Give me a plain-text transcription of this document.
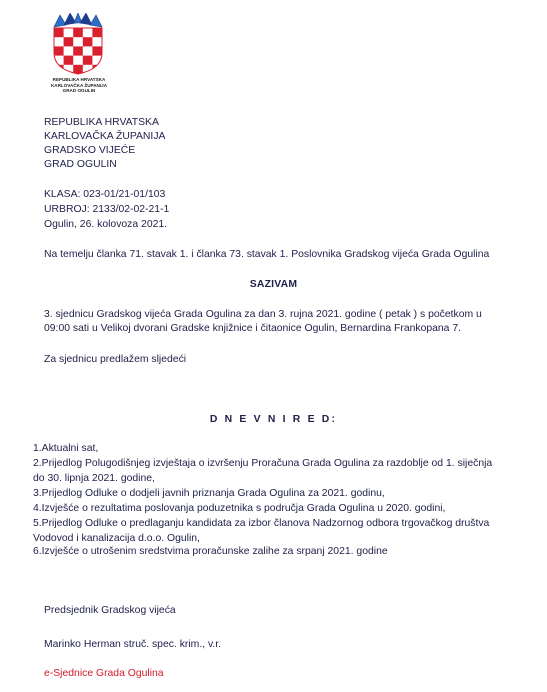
REPUBLIKA HRVATSKA
KARLOVAČKA ŽUPANIJA
GRAD OGULIN
REPUBLIKA HRVATSKA
KARLOVAČKA ŽUPANIJA
GRADSKO VIJEĆE
GRAD OGULIN
KLASA: 023-01/21-01/103
URBROJ: 2133/02-02-21-1
Ogulin, 26. kolovoza 2021.
Na temelju članka 71. stavak 1. i članka 73. stavak 1. Poslovnika Gradskog vijeća Grada Ogulina
SAZIVAM
3. sjednicu Gradskog vijeća Grada Ogulina za dan 3. rujna 2021. godine ( petak ) s početkom u
09:00 sati u Velikoj dvorani Gradske knjižnice i čitaonice Ogulin, Bernardina Frankopana 7.
Za sjednicu predlažem sljedeći
D N E V N I R E D:
1.Aktualni sat,
2.Prijedlog Polugodišnjeg izvještaja o izvršenju Proračuna Grada Ogulina za razdoblje od 1. siječnja
do 30. lipnja 2021. godine,
3.Prijedlog Odluke o dodjeli javnih priznanja Grada Ogulina za 2021. godinu,
4.Izvješće o rezultatima poslovanja poduzetnika s područja Grada Ogulina u 2020. godini,
5.Prijedlog Odluke o predlaganju kandidata za izbor članova Nadzornog odbora trgovačkog društva
Vodovod i kanalizacija d.o.o. Ogulin,
6.Izvješće o utrošenim sredstvima proračunske zalihe za srpanj 2021. godine
Predsjednik Gradskog vijeća
Marinko Herman struč. spec. krim., v.r.
e-Sjednice Grada Ogulina
